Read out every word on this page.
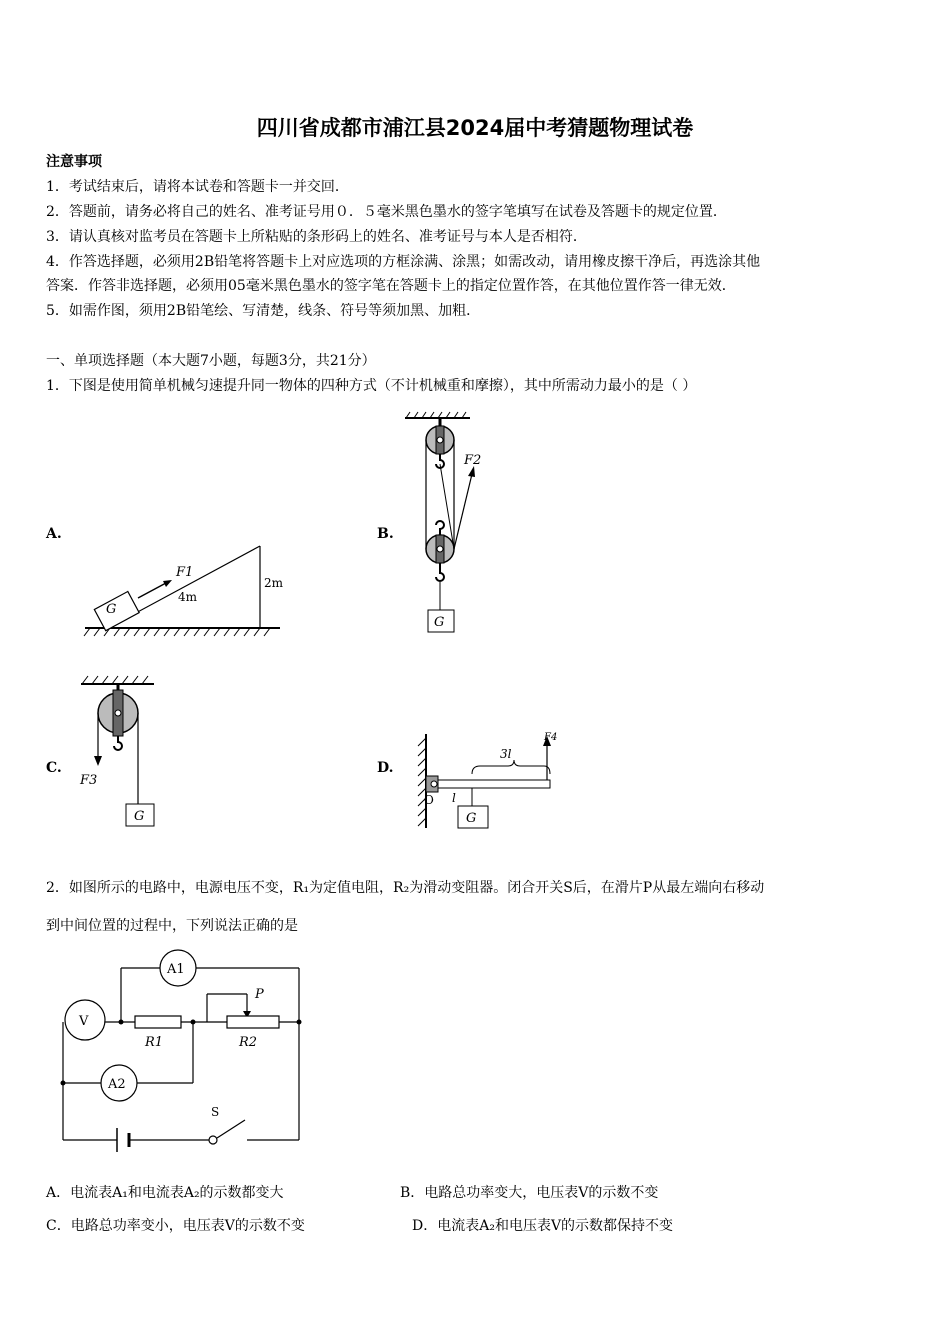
四川省成都市浦江县2024届中考猜题物理试卷
注意事项
1．考试结束后，请将本试卷和答题卡一并交回．
2．答题前，请务必将自己的姓名、准考证号用０．５毫米黑色墨水的签字笔填写在试卷及答题卡的规定位置．
3．请认真核对监考员在答题卡上所粘贴的条形码上的姓名、准考证号与本人是否相符．
4．作答选择题，必须用2B铅笔将答题卡上对应选项的方框涂满、涂黑；如需改动，请用橡皮擦干净后，再选涂其他
答案．作答非选择题，必须用05毫米黑色墨水的签字笔在答题卡上的指定位置作答，在其他位置作答一律无效．
5．如需作图，须用2B铅笔绘、写清楚，线条、符号等须加黑、加粗．
一、单项选择题（本大题7小题，每题3分，共21分）
1．下图是使用简单机械匀速提升同一物体的四种方式（不计机械重和摩擦），其中所需动力最小的是（ ）
A.	B.
C.	D.
G
F1
4m
2m
F2
G
F3
G
O
3l
F4
l
G
2．如图所示的电路中，电源电压不变，R₁为定值电阻，R₂为滑动变阻器。闭合开关S后，在滑片P从最左端向右移动
到中间位置的过程中，下列说法正确的是
A1
V
A2
R1	R2
P
S
A．电流表A₁和电流表A₂的示数都变大	B．电路总功率变大，电压表V的示数不变
C．电路总功率变小，电压表V的示数不变	D．电流表A₂和电压表V的示数都保持不变
